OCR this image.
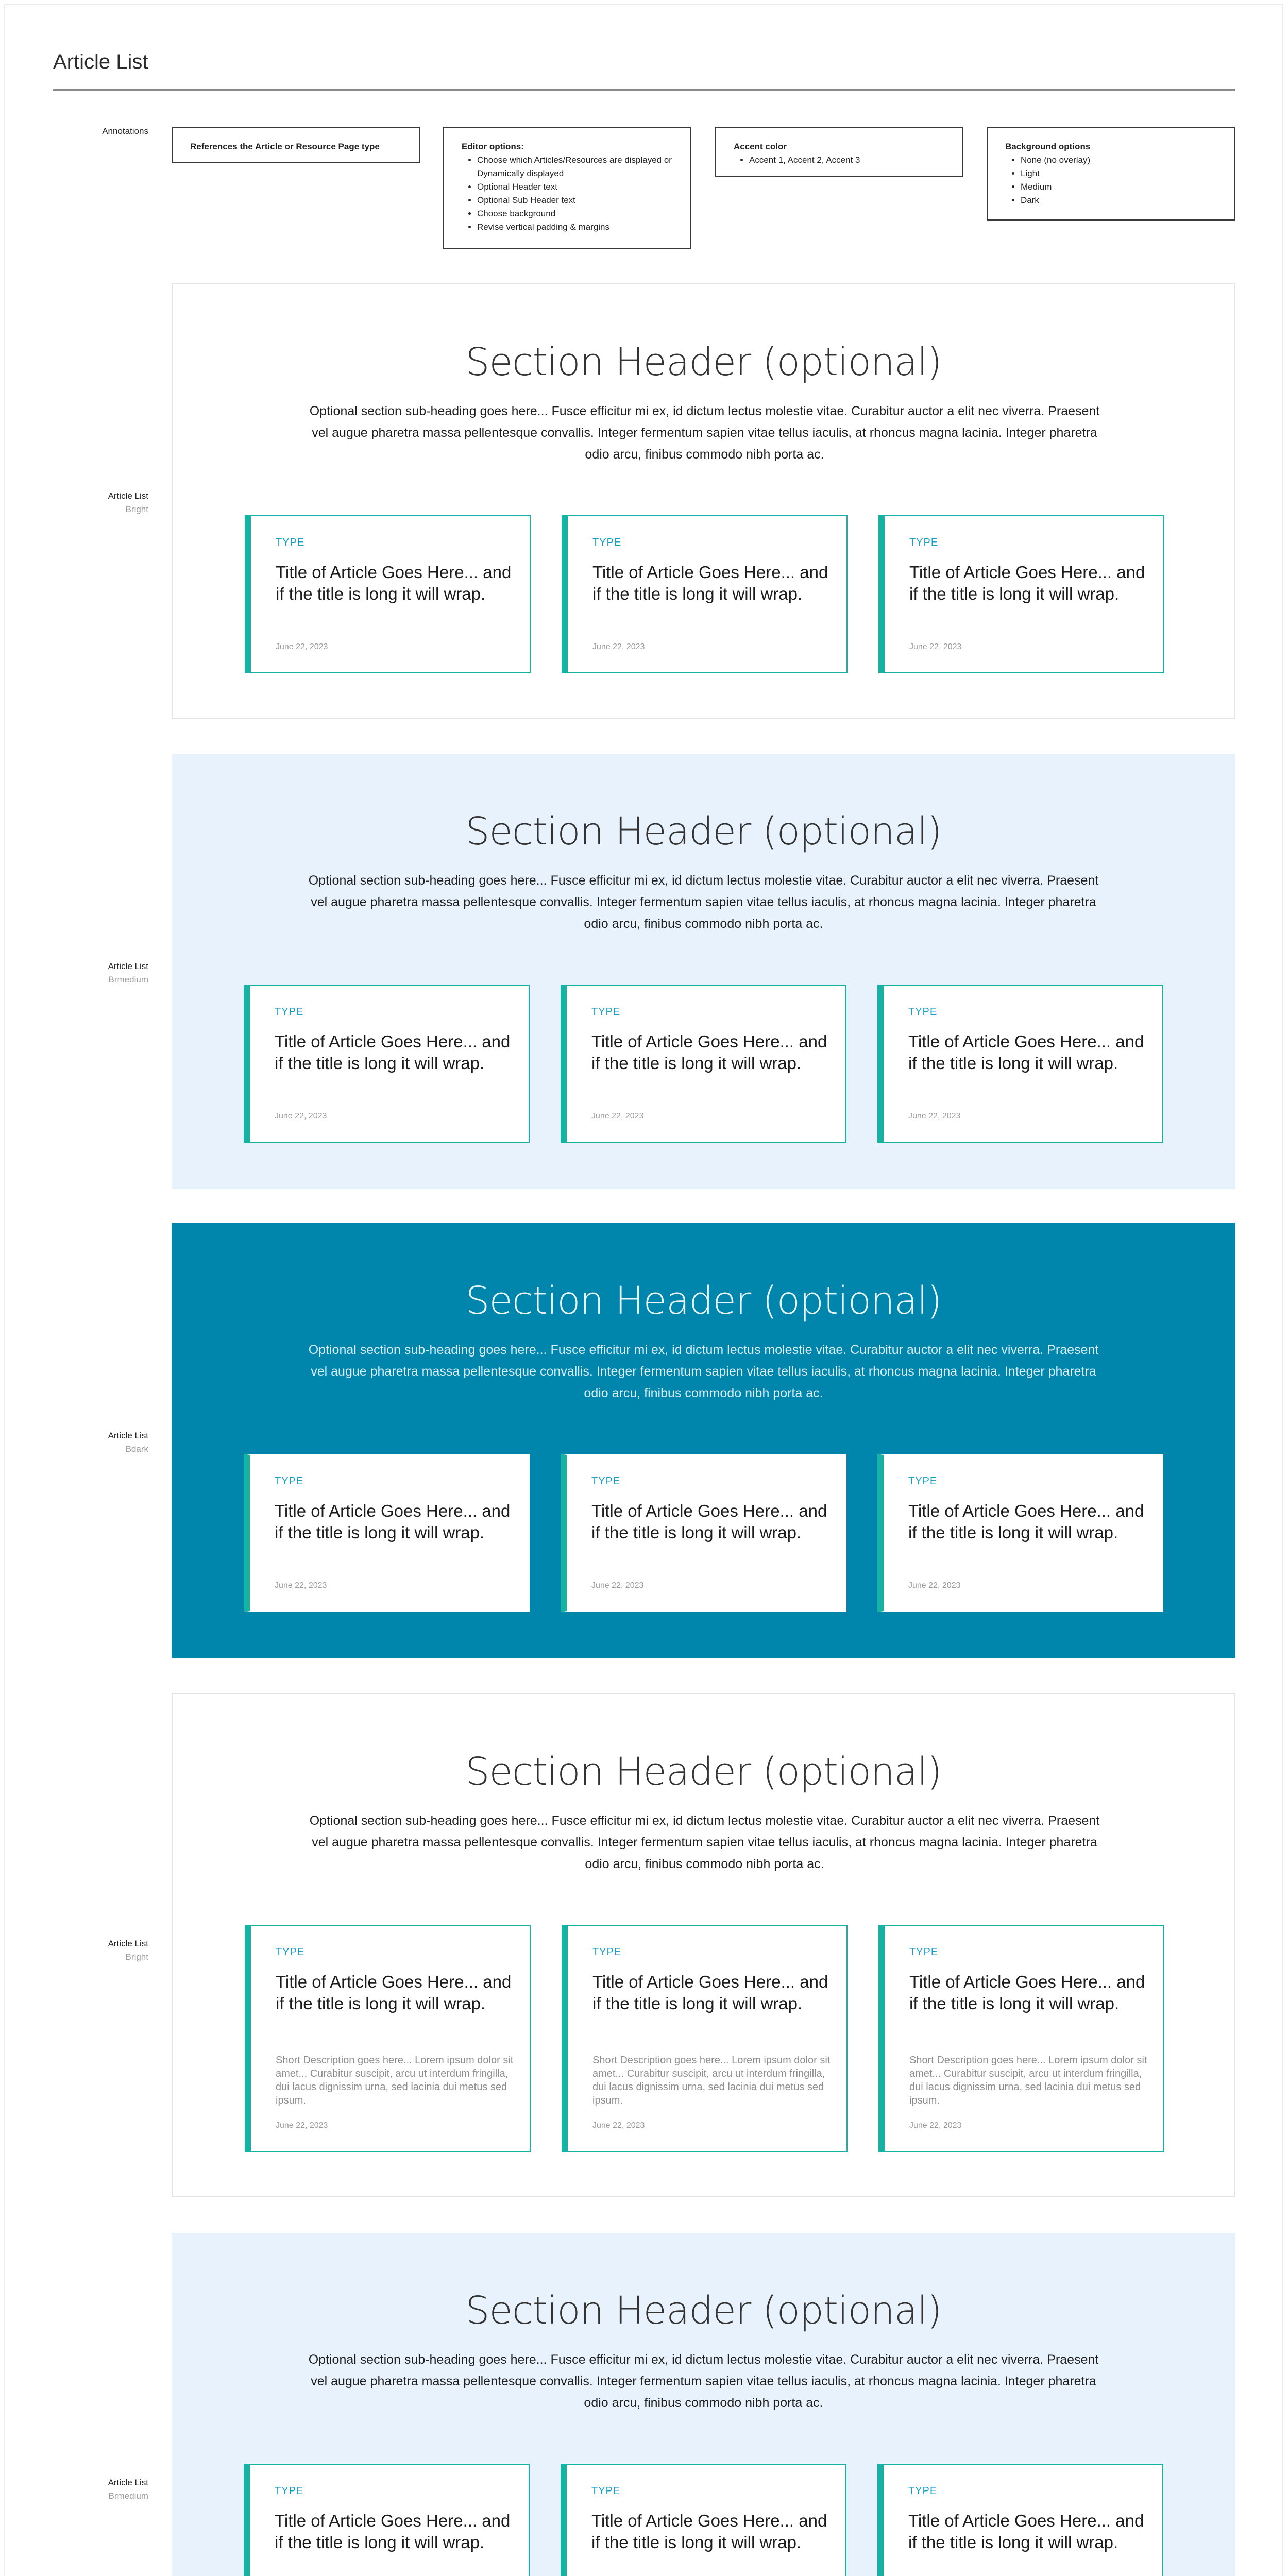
Article List
Annotations
References the Article or Resource Page type	Editor options:
• Choose which Articles/Resources are displayed or Dynamically displayed
• Optional Header text
• Optional Sub Header text
• Choose background
• Revise vertical padding & margins
Accent color
• Accent 1, Accent 2, Accent 3
Background options
• None (no overlay)
• Light
• Medium
• Dark
Article List
Bright
Section Header (optional)
Optional section sub-heading goes here... Fusce efficitur mi ex, id dictum lectus molestie vitae. Curabitur auctor a elit nec viverra. Praesent vel augue pharetra massa pellentesque convallis. Integer fermentum sapien vitae tellus iaculis, at rhoncus magna lacinia. Integer pharetra odio arcu, finibus commodo nibh porta ac.
TYPE
Title of Article Goes Here... and if the title is long it will wrap.
June 22, 2023
TYPE
Title of Article Goes Here... and if the title is long it will wrap.
June 22, 2023
TYPE
Title of Article Goes Here... and if the title is long it will wrap.
June 22, 2023
Article List
Brmedium
Section Header (optional)
Optional section sub-heading goes here... Fusce efficitur mi ex, id dictum lectus molestie vitae. Curabitur auctor a elit nec viverra. Praesent vel augue pharetra massa pellentesque convallis. Integer fermentum sapien vitae tellus iaculis, at rhoncus magna lacinia. Integer pharetra odio arcu, finibus commodo nibh porta ac.
TYPE
Title of Article Goes Here... and if the title is long it will wrap.
June 22, 2023
TYPE
Title of Article Goes Here... and if the title is long it will wrap.
June 22, 2023
TYPE
Title of Article Goes Here... and if the title is long it will wrap.
June 22, 2023
Article List
Bdark
Section Header (optional)
Optional section sub-heading goes here... Fusce efficitur mi ex, id dictum lectus molestie vitae. Curabitur auctor a elit nec viverra. Praesent vel augue pharetra massa pellentesque convallis. Integer fermentum sapien vitae tellus iaculis, at rhoncus magna lacinia. Integer pharetra odio arcu, finibus commodo nibh porta ac.
TYPE
Title of Article Goes Here... and if the title is long it will wrap.
June 22, 2023
TYPE
Title of Article Goes Here... and if the title is long it will wrap.
June 22, 2023
TYPE
Title of Article Goes Here... and if the title is long it will wrap.
June 22, 2023
Article List
Bright
Section Header (optional)
Optional section sub-heading goes here... Fusce efficitur mi ex, id dictum lectus molestie vitae. Curabitur auctor a elit nec viverra. Praesent vel augue pharetra massa pellentesque convallis. Integer fermentum sapien vitae tellus iaculis, at rhoncus magna lacinia. Integer pharetra odio arcu, finibus commodo nibh porta ac.
TYPE
Title of Article Goes Here... and if the title is long it will wrap.
Short Description goes here... Lorem ipsum dolor sit amet... Curabitur suscipit, arcu ut interdum fringilla, dui lacus dignissim urna, sed lacinia dui metus sed ipsum.
June 22, 2023
TYPE
Title of Article Goes Here... and if the title is long it will wrap.
Short Description goes here... Lorem ipsum dolor sit amet... Curabitur suscipit, arcu ut interdum fringilla, dui lacus dignissim urna, sed lacinia dui metus sed ipsum.
June 22, 2023
TYPE
Title of Article Goes Here... and if the title is long it will wrap.
Short Description goes here... Lorem ipsum dolor sit amet... Curabitur suscipit, arcu ut interdum fringilla, dui lacus dignissim urna, sed lacinia dui metus sed ipsum.
June 22, 2023
Article List
Brmedium
Section Header (optional)
Optional section sub-heading goes here... Fusce efficitur mi ex, id dictum lectus molestie vitae. Curabitur auctor a elit nec viverra. Praesent vel augue pharetra massa pellentesque convallis. Integer fermentum sapien vitae tellus iaculis, at rhoncus magna lacinia. Integer pharetra odio arcu, finibus commodo nibh porta ac.
TYPE
Title of Article Goes Here... and if the title is long it will wrap.
TYPE
Title of Article Goes Here... and if the title is long it will wrap.
TYPE
Title of Article Goes Here... and if the title is long it will wrap.
